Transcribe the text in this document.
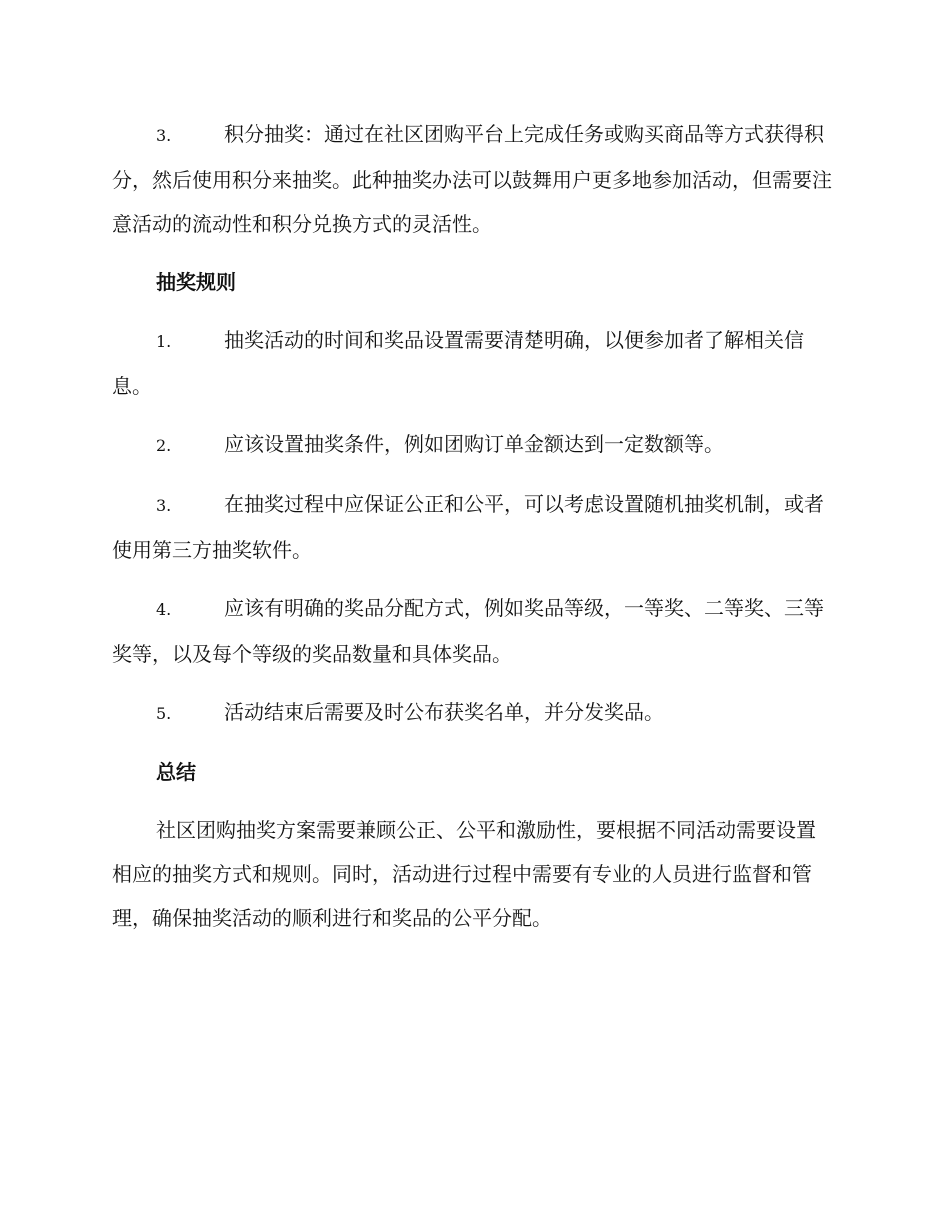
3.	积分抽奖：通过在社区团购平台上完成任务或购买商品等方式获得积分，然后使用积分来抽奖。此种抽奖办法可以鼓舞用户更多地参加活动，但需要注意活动的流动性和积分兑换方式的灵活性。

抽奖规则

1.	抽奖活动的时间和奖品设置需要清楚明确，以便参加者了解相关信息。

2.	应该设置抽奖条件，例如团购订单金额达到一定数额等。

3.	在抽奖过程中应保证公正和公平，可以考虑设置随机抽奖机制，或者使用第三方抽奖软件。

4.	应该有明确的奖品分配方式，例如奖品等级，一等奖、二等奖、三等奖等，以及每个等级的奖品数量和具体奖品。

5.	活动结束后需要及时公布获奖名单，并分发奖品。

总结

社区团购抽奖方案需要兼顾公正、公平和激励性，要根据不同活动需要设置相应的抽奖方式和规则。同时，活动进行过程中需要有专业的人员进行监督和管理，确保抽奖活动的顺利进行和奖品的公平分配。
